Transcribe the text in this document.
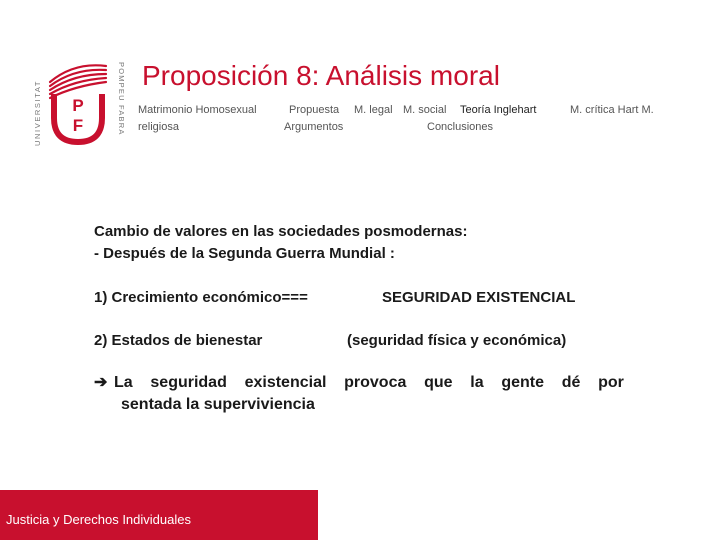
UNIVERSITAT	POMPEU FABRA
P
F
Proposición 8: Análisis moral
Matrimonio Homosexual	Propuesta M. legal M. social Teoría Inglehart	M. crítica Hart M.
religiosa	Argumentos	Conclusiones
Cambio de valores en las sociedades posmodernas:
- Después de la Segunda Guerra Mundial :
1) Crecimiento económico===	SEGURIDAD EXISTENCIAL
2) Estados de bienestar	(seguridad física y económica)
➔ La seguridad existencial provoca que la gente dé por
sentada la superviviencia
Justicia y Derechos Individuales
